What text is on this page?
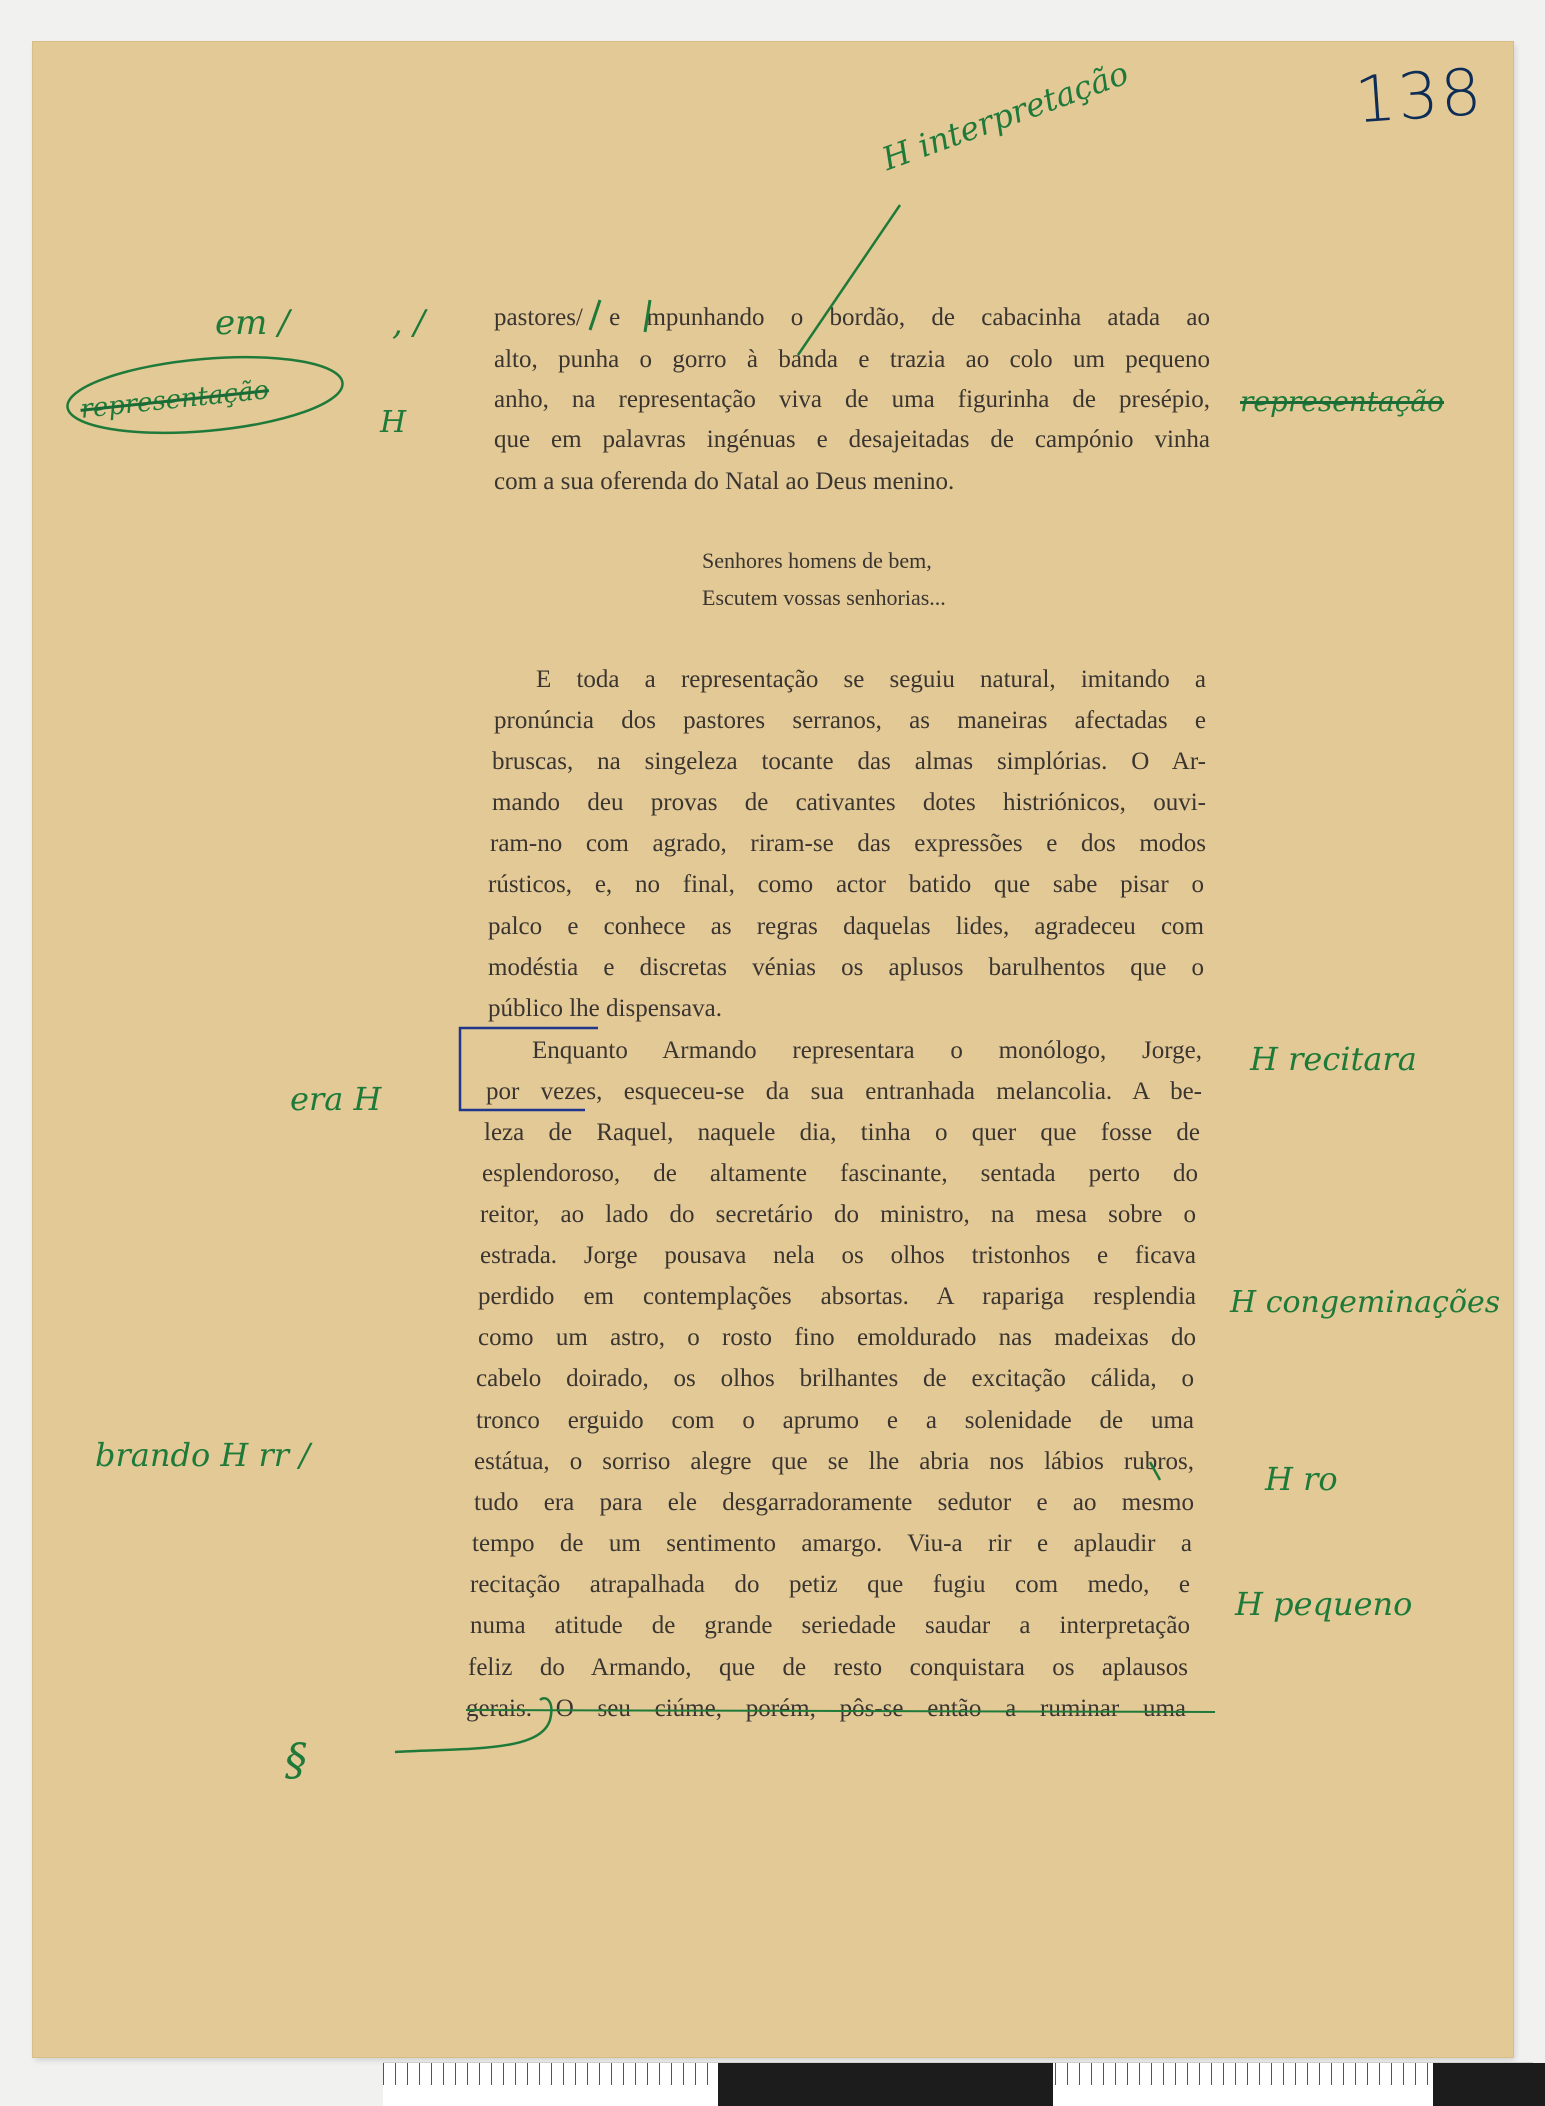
138
pastores/ e mpunhando o bordão, de cabacinha atada ao
alto, punha o gorro à banda e trazia ao colo um pequeno
anho, na representação viva de uma figurinha de presépio,
que em palavras ingénuas e desajeitadas de campónio vinha
com a sua oferenda do Natal ao Deus menino.
Senhores homens de bem,
Escutem vossas senhorias...
E toda a representação se seguiu natural, imitando a
pronúncia dos pastores serranos, as maneiras afectadas e
bruscas, na singeleza tocante das almas simplórias. O Ar-
mando deu provas de cativantes dotes histriónicos, ouvi-
ram-no com agrado, riram-se das expressões e dos modos
rústicos, e, no final, como actor batido que sabe pisar o
palco e conhece as regras daquelas lides, agradeceu com
modéstia e discretas vénias os aplusos barulhentos que o
público lhe dispensava.
Enquanto Armando representara o monólogo, Jorge,
por vezes, esqueceu-se da sua entranhada melancolia. A be-
leza de Raquel, naquele dia, tinha o quer que fosse de
esplendoroso, de altamente fascinante, sentada perto do
reitor, ao lado do secretário do ministro, na mesa sobre o
estrada. Jorge pousava nela os olhos tristonhos e ficava
perdido em contemplações absortas. A rapariga resplendia
como um astro, o rosto fino emoldurado nas madeixas do
cabelo doirado, os olhos brilhantes de excitação cálida, o
tronco erguido com o aprumo e a solenidade de uma
estátua, o sorriso alegre que se lhe abria nos lábios rubros,
tudo era para ele desgarradoramente sedutor e ao mesmo
tempo de um sentimento amargo. Viu-a rir e aplaudir a
recitação atrapalhada do petiz que fugiu com medo, e
numa atitude de grande seriedade saudar a interpretação
feliz do Armando, que de resto conquistara os aplausos
gerais. O seu ciúme, porém, pôs-se então a ruminar uma
H interpretação
em /	, /
representação	H
representação
era H
H recitara
H congeminações
brando H rr /
H ro
H pequeno
§
